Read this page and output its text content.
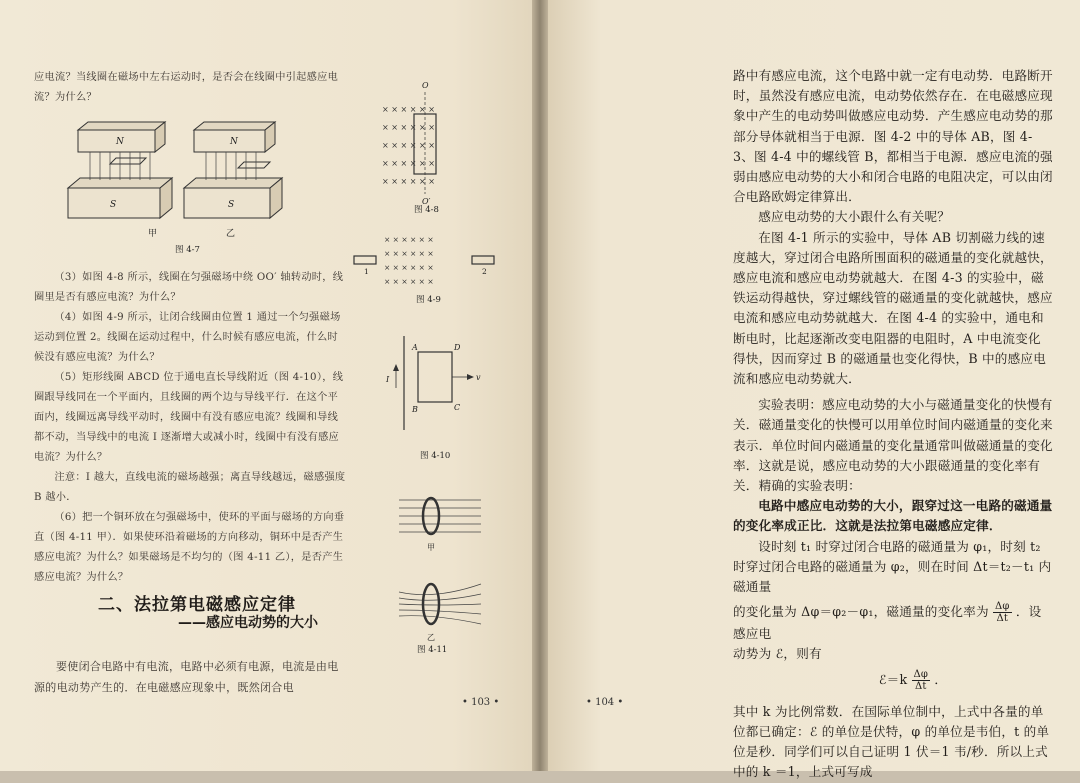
应电流？当线圈在磁场中左右运动时，是否会在线圈中引起感应电流？为什么？

N	N
S	S
甲	乙
图 4-7
× × × × × ×
× × × × × ×
× × × × × ×
× × × × × ×
× × × × × ×
O
O′
图 4-8
× × × × × ×
× × × × × ×
× × × × × ×
× × × × × ×
1	2
图 4-9

（3）如图 4-8 所示，线圈在匀强磁场中绕 OO′ 轴转动时，线圈里是否有感应电流？为什么？

（4）如图 4-9 所示，让闭合线圈由位置 1 通过一个匀强磁场运动到位置 2。线圈在运动过程中，什么时候有感应电流，什么时候没有感应电流？为什么？

（5）矩形线圈 ABCD 位于通电直长导线附近（图 4-10），线圈跟导线同在一个平面内，且线圈的两个边与导线平行．在这个平面内，线圈远离导线平动时，线圈中有没有感应电流？线圈和导线都不动，当导线中的电流 I 逐渐增大或减小时，线圈中有没有感应电流？为什么？

注意：I 越大，直线电流的磁场越强；离直导线越远，磁感强度 B 越小．

（6）把一个铜环放在匀强磁场中，使环的平面与磁场的方向垂直（图 4-11 甲）．如果使环沿着磁场的方向移动，铜环中是否产生感应电流？为什么？如果磁场是不均匀的（图 4-11 乙），是否产生感应电流？为什么？

I
A	D
B	C
v
图 4-10
甲
乙
图 4-11
二、法拉第电磁感应定律
——感应电动势的大小

要使闭合电路中有电流，电路中必须有电源，电流是由电源的电动势产生的．在电磁感应现象中，既然闭合电

• 103 •

路中有感应电流，这个电路中就一定有电动势．电路断开时，虽然没有感应电流，电动势依然存在．在电磁感应现象中产生的电动势叫做感应电动势．产生感应电动势的那部分导体就相当于电源．图 4-2 中的导体 AB，图 4-3、图 4-4 中的螺线管 B，都相当于电源．感应电流的强弱由感应电动势的大小和闭合电路的电阻决定，可以由闭合电路欧姆定律算出．

感应电动势的大小跟什么有关呢？

在图 4-1 所示的实验中，导体 AB 切割磁力线的速度越大，穿过闭合电路所围面积的磁通量的变化就越快，感应电流和感应电动势就越大．在图 4-3 的实验中，磁铁运动得越快，穿过螺线管的磁通量的变化就越快，感应电流和感应电动势就越大．在图 4-4 的实验中，通电和断电时，比起逐渐改变电阻器的电阻时，A 中电流变化得快，因而穿过 B 的磁通量也变化得快，B 中的感应电流和感应电动势就大．

实验表明：感应电动势的大小与磁通量变化的快慢有关．磁通量变化的快慢可以用单位时间内磁通量的变化来表示．单位时间内磁通量的变化量通常叫做磁通量的变化率．这就是说，感应电动势的大小跟磁通量的变化率有关．精确的实验表明：

电路中感应电动势的大小，跟穿过这一电路的磁通量的变化率成正比．这就是法拉第电磁感应定律．

设时刻 t₁ 时穿过闭合电路的磁通量为 φ₁，时刻 t₂ 时穿过闭合电路的磁通量为 φ₂，则在时间 Δt＝t₂－t₁ 内磁通量

的变化量为 Δφ＝φ₂－φ₁，磁通量的变化率为 $\frac{\Delta\varphi}{\Delta t}$ ．设感应电

动势为 ℰ，则有

ℰ＝k $\frac{\Delta\varphi}{\Delta t}$ ．

其中 k 为比例常数．在国际单位制中，上式中各量的单位都已确定：ℰ 的单位是伏特，φ 的单位是韦伯，t 的单位是秒．同学们可以自己证明 1 伏＝1 韦/秒．所以上式中的 k ＝1，上式可写成

• 104 •
